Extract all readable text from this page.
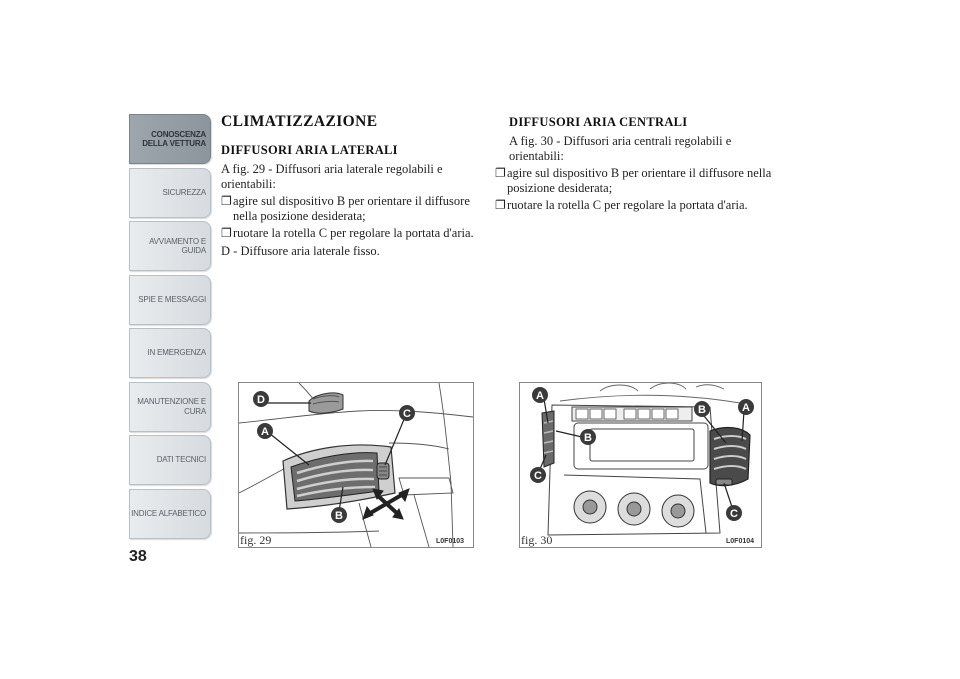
CONOSCENZA DELLA VETTURA
SICUREZZA
AVVIAMENTO E GUIDA
SPIE E MESSAGGI
IN EMERGENZA
MANUTENZIONE E CURA
DATI TECNICI
INDICE ALFABETICO
38
CLIMATIZZAZIONE
DIFFUSORI ARIA LATERALI

A fig. 29 - Diffusori aria laterale regolabili e orientabili:

❐ agire sul dispositivo B per orientare il diffusore nella posizione desiderata;
❐ ruotare la rotella C per regolare la portata d'aria.

D - Diffusore aria laterale fisso.

DIFFUSORI ARIA CENTRALI

A fig. 30 - Diffusori aria centrali regolabili e orientabili:

❐ agire sul dispositivo B per orientare il diffusore nella posizione desiderata;
❐ ruotare la rotella C per regolare la portata d'aria.
D
A
C
B
fig. 29	L0F0103
A
B
C
B	A
C
fig. 30	L0F0104
